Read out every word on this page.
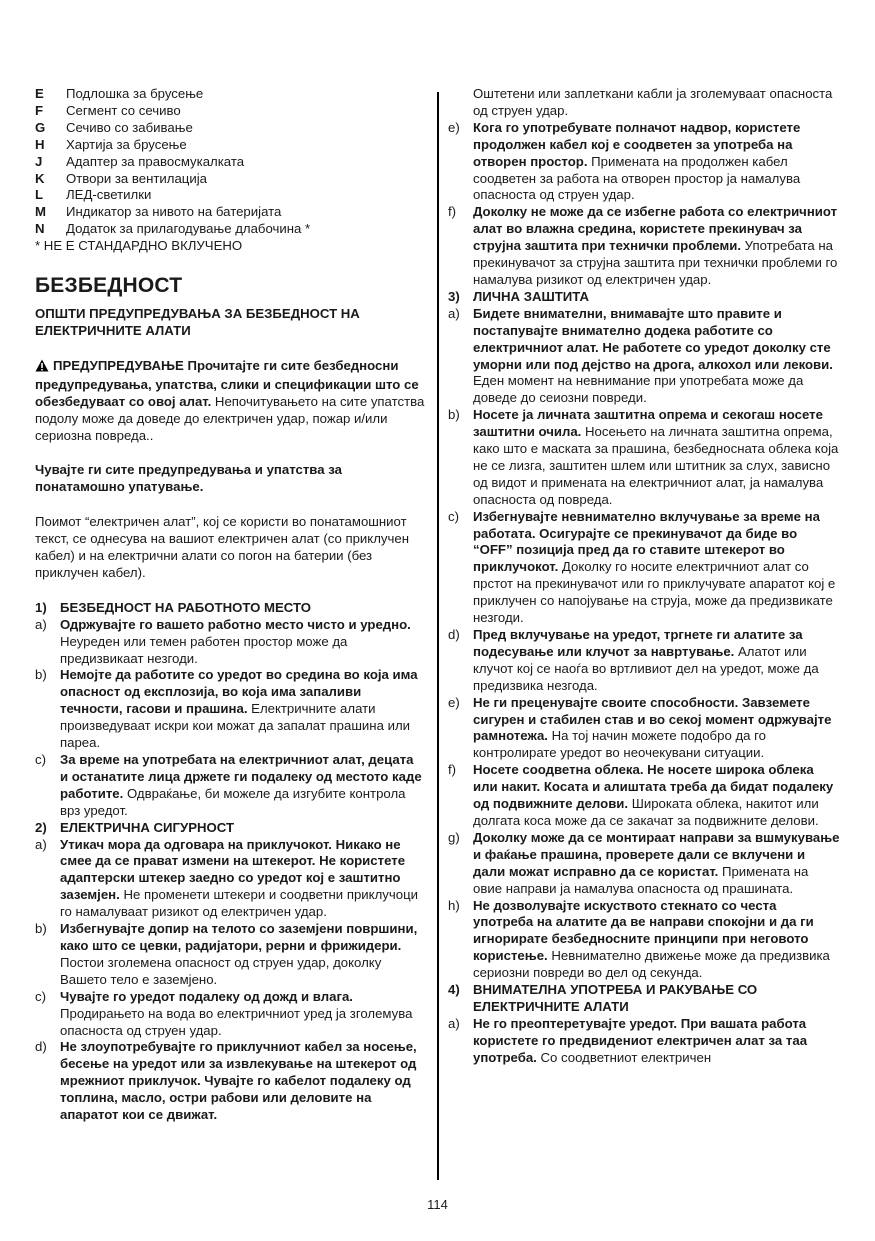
E	Подлошка за брусење
F	Сегмент со сечиво
G	Сечиво со забивање
H	Хартија за брусење
J	Адаптер за правосмукалката
K	Отвори за вентилација
L	ЛЕД-светилки
M	Индикатор за нивото на батеријата
N	Додаток за прилагодување длабочина *
* НЕ Е СТАНДАРДНО ВКЛУЧЕНО
БЕЗБЕДНОСТ
ОПШТИ ПРЕДУПРЕДУВАЊА ЗА БЕЗБЕДНОСТ НА ЕЛЕКТРИЧНИТЕ АЛАТИ
ПРЕДУПРЕДУВАЊЕ Прочитајте ги сите безбедносни предупредувања, упатства, слики и спецификации што се обезбедуваат со овој алат. Непочитувањето на сите упатства подолу може да доведе до електричен удар, пожар и/или сериозна повреда..
Чувајте ги сите предупредувања и упатства за понатамошно упатување.
Поимот “електричен алат”, кој се користи во понатамошниот текст, се однесува на вашиот електричен алат (со приклучен кабел) и на електрични алати со погон на батерии (без приклучен кабел).
1)	БЕЗБЕДНОСТ НА РАБОТНОТО МЕСТО
a)	Одржувајте го вашето работно место чисто и уредно. Неуреден или темен работен простор може да предизвикаат незгоди.
b)	Немојте да работите со уредот во средина во која има опасност од експлозија, во која има запаливи течности, гасови и прашина. Електричните алати произведуваат искри кои можат да запалат прашина или пареа.
c)	За време на употребата на електричниот алат, децата и останатите лица држете ги подалеку од местото каде работите. Одвраќање, би можеле да изгубите контрола врз уредот.
2)	ЕЛЕКТРИЧНА СИГУРНОСТ
a)	Утикач мора да одговара на приклучокот. Никако не смее да се прават измени на штекерот. Не користете адаптерски штекер заедно со уредот кој е заштитно заземјен. Не променети штекери и соодветни приклучоци го намалуваат ризикот од електричен удар.
b)	Избегнувајте допир на телото со заземјени површини, како што се цевки, радијатори, рерни и фрижидери. Постои зголемена опасност од струен удар, доколку Вашето тело е заземјено.
c)	Чувајте го уредот подалеку од дожд и влага. Продирањето на вода во електричниот уред ја зголемува опасноста од струен удар.
d)	Не злоупотребувајте го приклучниот кабел за носење, бесење на уредот или за извлекување на штекерот од мрежниот приклучок. Чувајте го кабелот подалеку од топлина, масло, остри рабови или деловите на апаратот кои се движат.
Оштетени или заплеткани кабли ја зголемуваат опасноста од струен удар.
e)	Кога го употребувате полначот надвор, користете продолжен кабел кој е соодветен за употреба на отворен простор. Примената на продолжен кабел соодветен за работа на отворен простор ја намалува опасноста од струен удар.
f)	Доколку не може да се избегне работа со електричниот алат во влажна средина, користете прекинувач за струјна заштита при технички проблеми. Употребата на прекинувачот за струјна заштита при технички проблеми го намалува ризикот од електричен удар.
3)	ЛИЧНА ЗАШТИТА
a)	Бидете внимателни, внимавајте што правите и постапувајте внимателно додека работите со електричниот алат. Не работете со уредот доколку сте уморни или под дејство на дрога, алкохол или лекови. Еден момент на невнимание при употребата може да доведе до сеиозни повреди.
b)	Носете ја личната заштитна опрема и секогаш носете заштитни очила. Носењето на личната заштитна опрема, како што е маската за прашина, безбедносната облека која не се лизга, заштитен шлем или штитник за слух, зависно од видот и примената на електричниот алат, ја намалува опасноста од повреда.
c)	Избегнувајте невнимателно вклучување за време на работата. Осигурајте се прекинувачот да биде во “OFF” позиција пред да го ставите штекерот во приклучокот. Доколку го носите електричниот алат со прстот на прекинувачот или го приклучувате апаратот кој е приклучен со напојување на струја, може да предизвикате незгоди.
d)	Пред вклучување на уредот, тргнете ги алатите за подесување или клучот за навртување. Алатот или клучот кој се наоѓа во вртливиот дел на уредот, може да предизвика незгода.
e)	Не ги преценувајте своите способности. Завземете сигурен и стабилен став и во секој момент одржувајте рамнотежа. На тој начин можете подобро да го контролирате уредот во неочекувани ситуации.
f)	Носете соодветна облека. Не носете широка облека или накит. Косата и алиштата треба да бидат подалеку од подвижните делови. Широката облека, накитот или долгата коса може да се закачат за подвижните делови.
g)	Доколку може да се монтираат направи за вшмукување и фаќање прашина, проверете дали се вклучени и дали можат исправно да се користат. Примената на овие направи ја намалува опасноста од прашината.
h)	Не дозволувајте искуството стекнато со честа употреба на алатите да ве направи спокојни и да ги игнорирате безбедносните принципи при неговото користење. Невнимателно движење може да предизвика сериозни повреди во дел од секунда.
4)	ВНИМАТЕЛНА УПОТРЕБА И РАКУВАЊЕ СО ЕЛЕКТРИЧНИТЕ АЛАТИ
a)	Не го преоптеретувајте уредот. При вашата работа користете го предвидениот електричен алат за таа употреба. Со соодветниот електричен
114
